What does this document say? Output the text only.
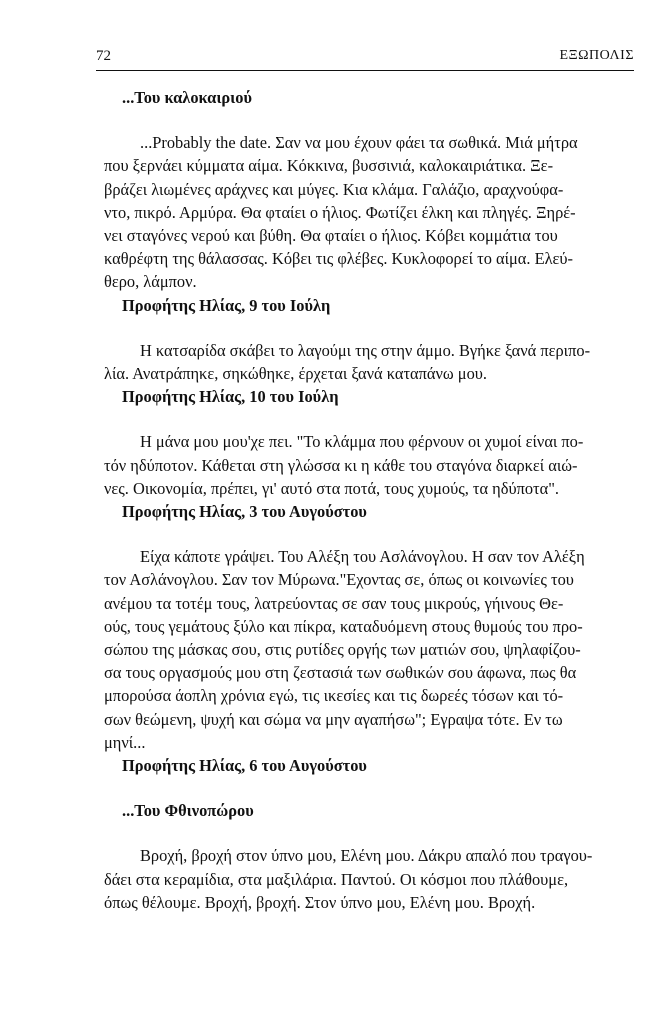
72	ΕΞΩΠΟΛΙΣ
...Του καλοκαιριού

...Probably the date. Σαν να μου έχουν φάει τα σωθικά. Μιά μήτρα
που ξερνάει κύμματα αίμα. Κόκκινα, βυσσινιά, καλοκαιριάτικα. Ξε-
βράζει λιωμένες αράχνες και μύγες. Κια κλάμα. Γαλάζιο, αραχνούφα-
ντο, πικρό. Αρμύρα. Θα φταίει ο ήλιος. Φωτίζει έλκη και πληγές. Ξηρέ-
νει σταγόνες νερού και βύθη. Θα φταίει ο ήλιος. Κόβει κομμάτια του
καθρέφτη της θάλασσας. Κόβει τις φλέβες. Κυκλοφορεί το αίμα. Ελεύ-
θερο, λάμπον.

Προφήτης Ηλίας, 9 του Ιούλη

Η κατσαρίδα σκάβει το λαγούμι της στην άμμο. Βγήκε ξανά περιπο-
λία. Ανατράπηκε, σηκώθηκε, έρχεται ξανά καταπάνω μου.

Προφήτης Ηλίας, 10 του Ιούλη

Η μάνα μου μου'χε πει. "Το κλάμμα που φέρνουν οι χυμοί είναι πο-
τόν ηδύποτον. Κάθεται στη γλώσσα κι η κάθε του σταγόνα διαρκεί αιώ-
νες. Οικονομία, πρέπει, γι' αυτό στα ποτά, τους χυμούς, τα ηδύποτα".

Προφήτης Ηλίας, 3 του Αυγούστου

Είχα κάποτε γράψει. Του Αλέξη του Ασλάνογλου. Η σαν τον Αλέξη
τον Ασλάνογλου. Σαν τον Μύρωνα."Εχοντας σε, όπως οι κοινωνίες του
ανέμου τα τοτέμ τους, λατρεύοντας σε σαν τους μικρούς, γήινους Θε-
ούς, τους γεμάτους ξύλο και πίκρα, καταδυόμενη στους θυμούς του προ-
σώπου της μάσκας σου, στις ρυτίδες οργής των ματιών σου, ψηλαφίζου-
σα τους οργασμούς μου στη ζεστασιά των σωθικών σου άφωνα, πως θα
μπορούσα άοπλη χρόνια εγώ, τις ικεσίες και τις δωρεές τόσων και τό-
σων θεώμενη, ψυχή και σώμα να μην αγαπήσω"; Εγραψα τότε. Εν τω
μηνί...

Προφήτης Ηλίας, 6 του Αυγούστου
...Του Φθινοπώρου

Βροχή, βροχή στον ύπνο μου, Ελένη μου. Δάκρυ απαλό που τραγου-
δάει στα κεραμίδια, στα μαξιλάρια. Παντού. Οι κόσμοι που πλάθουμε,
όπως θέλουμε. Βροχή, βροχή. Στον ύπνο μου, Ελένη μου. Βροχή.
